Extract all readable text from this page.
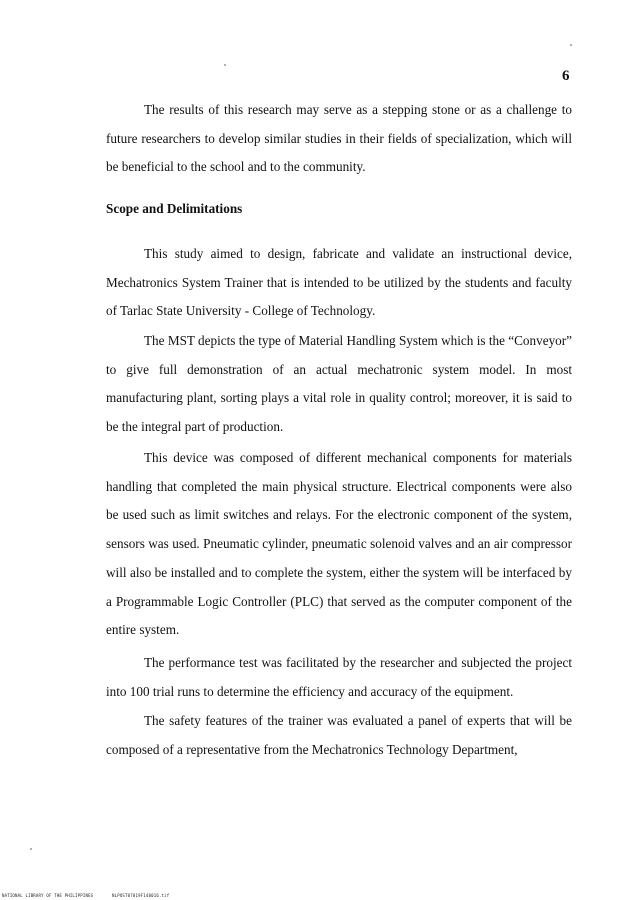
6

The results of this research may serve as a stepping stone or as a challenge to future researchers to develop similar studies in their fields of specialization, which will be beneficial to the school and to the community.

Scope and Delimitations

This study aimed to design, fabricate and validate an instructional device, Mechatronics System Trainer that is intended to be utilized by the students and faculty of Tarlac State University - College of Technology.

The MST depicts the type of Material Handling System which is the “Conveyor” to give full demonstration of an actual mechatronic system model. In most manufacturing plant, sorting plays a vital role in quality control; moreover, it is said to be the integral part of production.

This device was composed of different mechanical components for materials handling that completed the main physical structure. Electrical components were also be used such as limit switches and relays. For the electronic component of the system, sensors was used. Pneumatic cylinder, pneumatic solenoid valves and an air compressor will also be installed and to complete the system, either the system will be interfaced by a Programmable Logic Controller (PLC) that served as the computer component of the entire system.

The performance test was facilitated by the researcher and subjected the project into 100 trial runs to determine the efficiency and accuracy of the equipment.

The safety features of the trainer was evaluated a panel of experts that will be composed of a representative from the Mechatronics Technology Department,

NATIONAL LIBRARY OF THE PHILIPPINES	NLPOST07019F148016.tif
